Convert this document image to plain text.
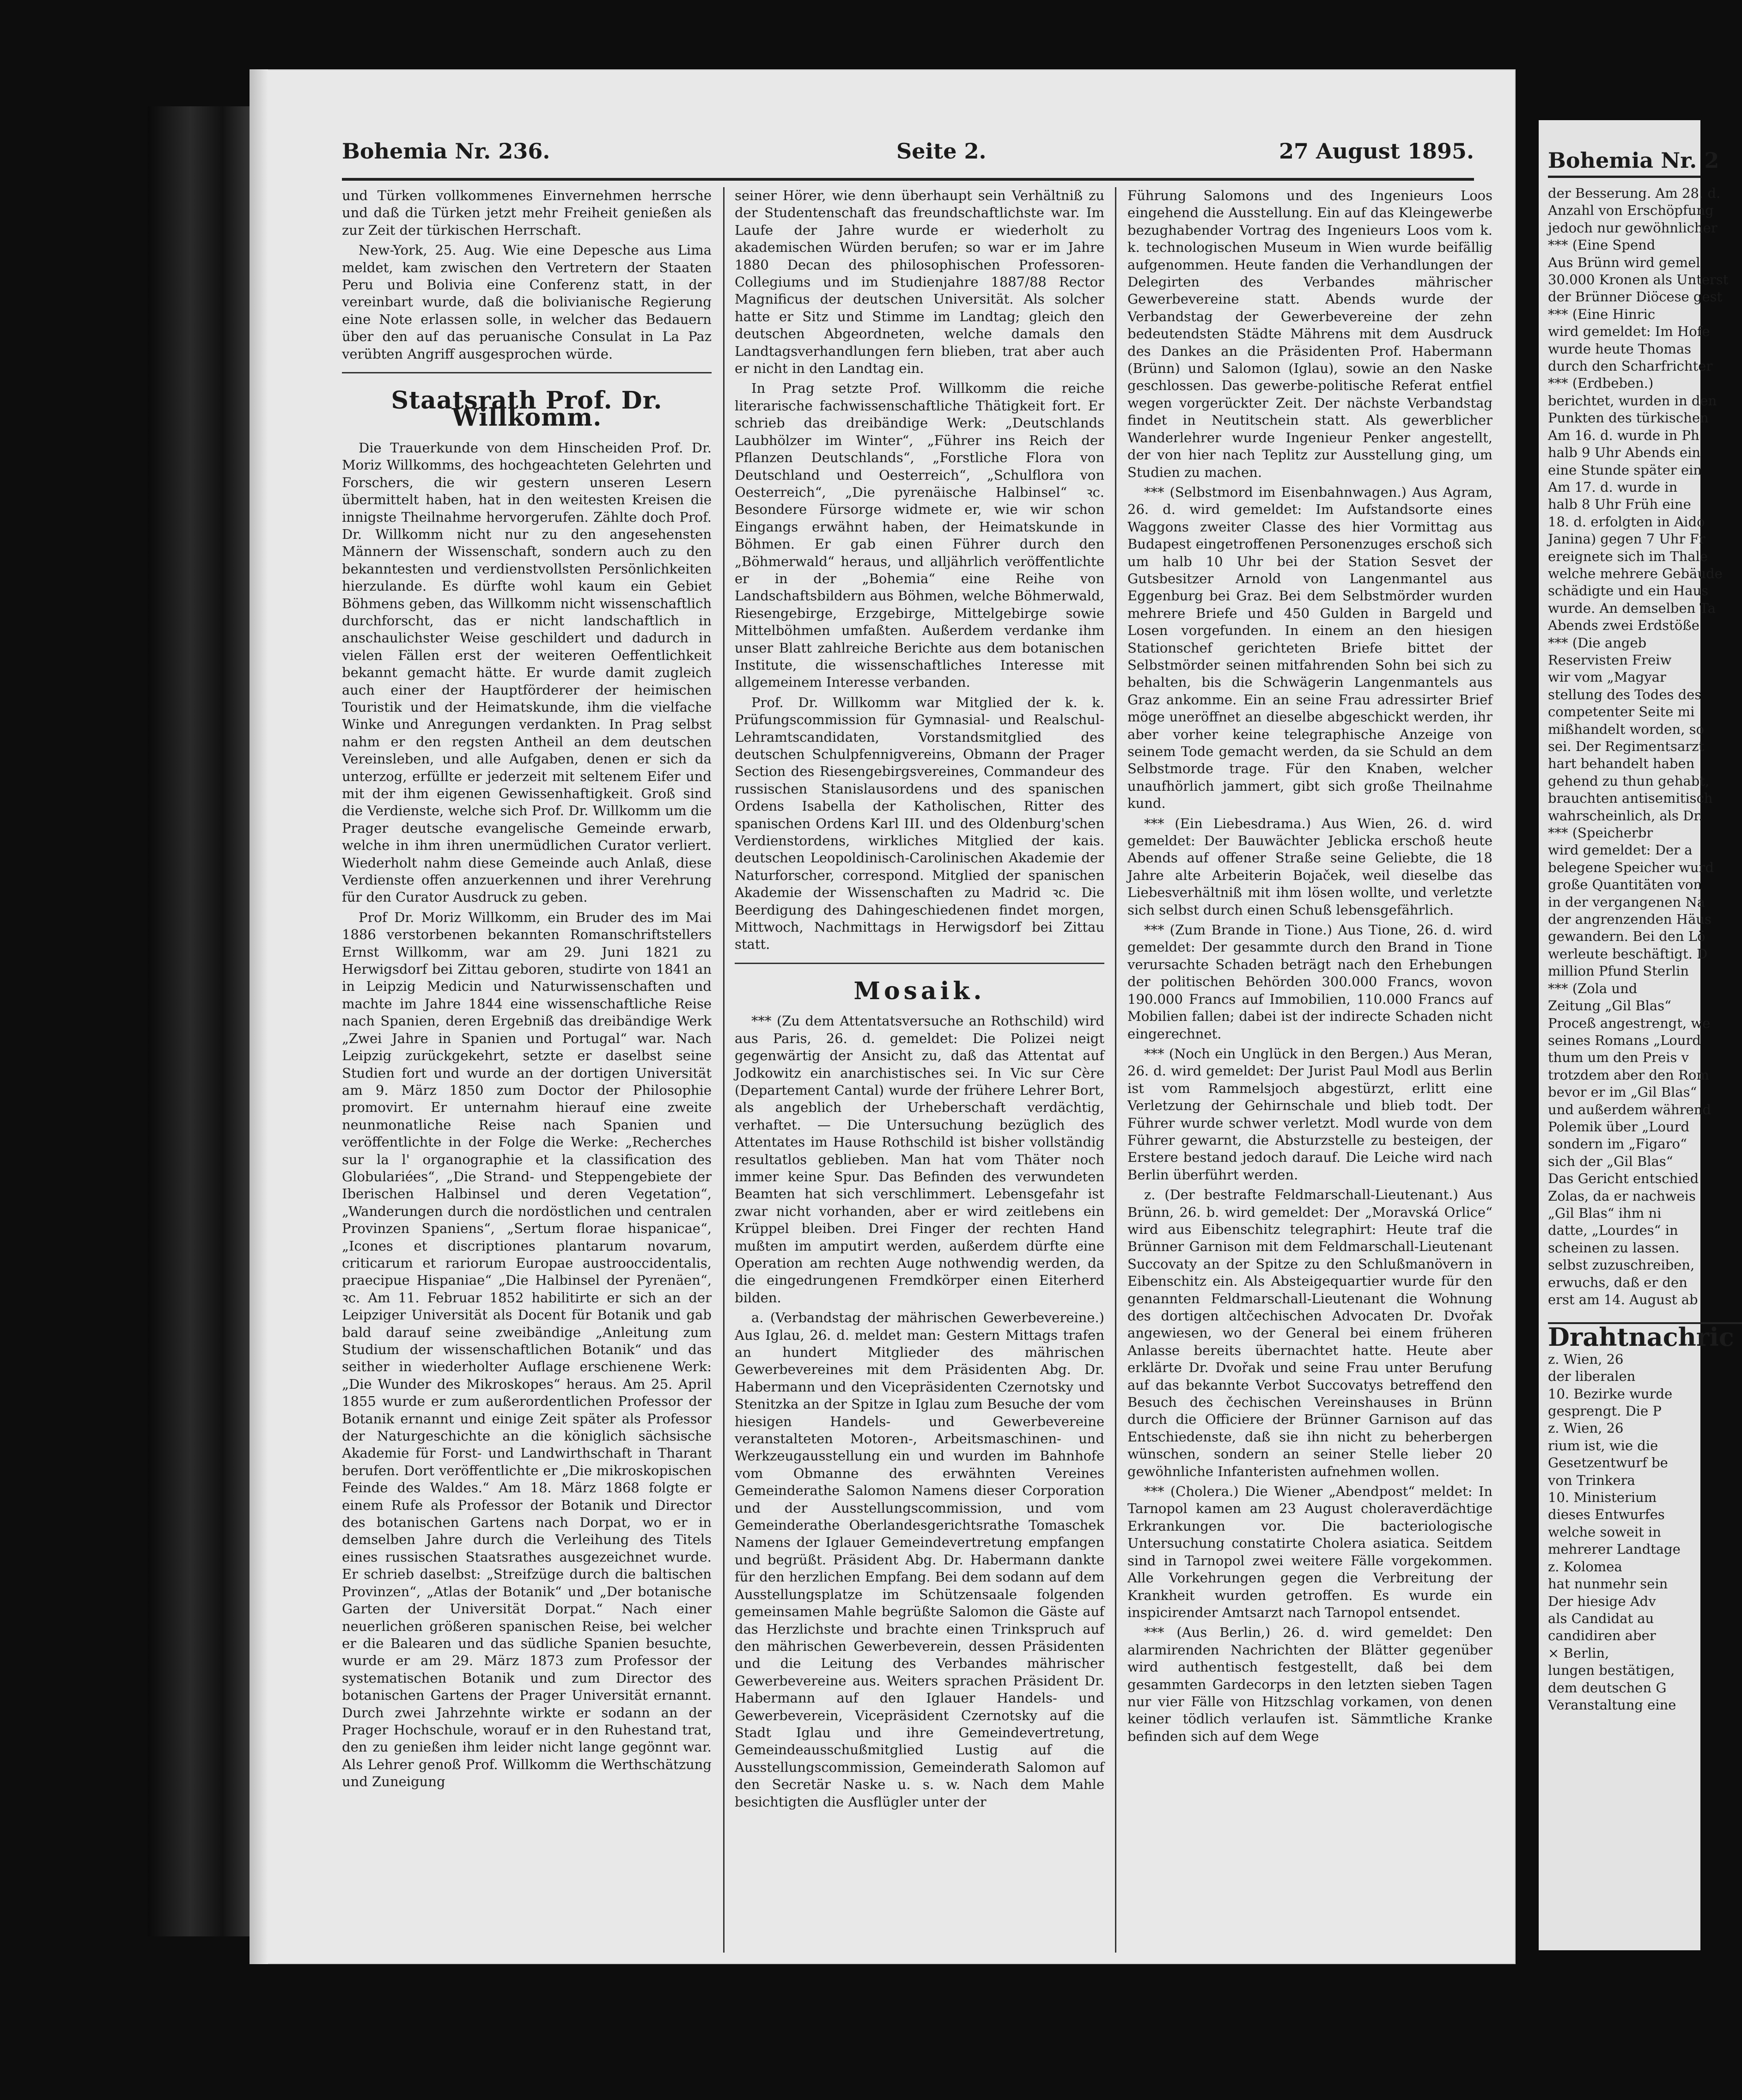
Bohemia Nr. 236.	Seite 2.	27 August 1895.

und Türken vollkommenes Einvernehmen herrsche und daß die Türken jetzt mehr Freiheit genießen als zur Zeit der türkischen Herrschaft.

New-York, 25. Aug. Wie eine Depesche aus Lima meldet, kam zwischen den Vertretern der Staaten Peru und Bolivia eine Conferenz statt, in der vereinbart wurde, daß die bolivianische Regierung eine Note erlassen solle, in welcher das Bedauern über den auf das peruanische Consulat in La Paz verübten Angriff ausgesprochen würde.

Staatsrath Prof. Dr. Willkomm.

Die Trauerkunde von dem Hinscheiden Prof. Dr. Moriz Willkomms, des hochgeachteten Gelehrten und Forschers, die wir gestern unseren Lesern übermittelt haben, hat in den weitesten Kreisen die innigste Theilnahme hervorgerufen. Zählte doch Prof. Dr. Willkomm nicht nur zu den angesehensten Männern der Wissenschaft, sondern auch zu den bekanntesten und verdienstvollsten Persönlichkeiten hierzulande. Es dürfte wohl kaum ein Gebiet Böhmens geben, das Willkomm nicht wissenschaftlich durchforscht, das er nicht landschaftlich in anschaulichster Weise geschildert und dadurch in vielen Fällen erst der weiteren Oeffentlichkeit bekannt gemacht hätte. Er wurde damit zugleich auch einer der Hauptförderer der heimischen Touristik und der Heimatskunde, ihm die vielfache Winke und Anregungen verdankten. In Prag selbst nahm er den regsten Antheil an dem deutschen Vereinsleben, und alle Aufgaben, denen er sich da unterzog, erfüllte er jederzeit mit seltenem Eifer und mit der ihm eigenen Gewissenhaftigkeit. Groß sind die Verdienste, welche sich Prof. Dr. Willkomm um die Prager deutsche evangelische Gemeinde erwarb, welche in ihm ihren unermüdlichen Curator verliert. Wiederholt nahm diese Gemeinde auch Anlaß, diese Verdienste offen anzuerkennen und ihrer Verehrung für den Curator Ausdruck zu geben.

Prof Dr. Moriz Willkomm, ein Bruder des im Mai 1886 verstorbenen bekannten Romanschriftstellers Ernst Willkomm, war am 29. Juni 1821 zu Herwigsdorf bei Zittau geboren, studirte von 1841 an in Leipzig Medicin und Naturwissenschaften und machte im Jahre 1844 eine wissenschaftliche Reise nach Spanien, deren Ergebniß das dreibändige Werk „Zwei Jahre in Spanien und Portugal“ war. Nach Leipzig zurückgekehrt, setzte er daselbst seine Studien fort und wurde an der dortigen Universität am 9. März 1850 zum Doctor der Philosophie promovirt. Er unternahm hierauf eine zweite neunmonatliche Reise nach Spanien und veröffentlichte in der Folge die Werke: „Recherches sur la l' organographie et la classification des Globulariées“, „Die Strand- und Steppengebiete der Iberischen Halbinsel und deren Vegetation“, „Wanderungen durch die nordöstlichen und centralen Provinzen Spaniens“, „Sertum florae hispanicae“, „Icones et discriptiones plantarum novarum, criticarum et rariorum Europae austrooccidentalis, praecipue Hispaniae“ „Die Halbinsel der Pyrenäen“, ꝛc. Am 11. Februar 1852 habilitirte er sich an der Leipziger Universität als Docent für Botanik und gab bald darauf seine zweibändige „Anleitung zum Studium der wissenschaftlichen Botanik“ und das seither in wiederholter Auflage erschienene Werk: „Die Wunder des Mikroskopes“ heraus. Am 25. April 1855 wurde er zum außerordentlichen Professor der Botanik ernannt und einige Zeit später als Professor der Naturgeschichte an die königlich sächsische Akademie für Forst- und Landwirthschaft in Tharant berufen. Dort veröffentlichte er „Die mikroskopischen Feinde des Waldes.“ Am 18. März 1868 folgte er einem Rufe als Professor der Botanik und Director des botanischen Gartens nach Dorpat, wo er in demselben Jahre durch die Verleihung des Titels eines russischen Staatsrathes ausgezeichnet wurde. Er schrieb daselbst: „Streifzüge durch die baltischen Provinzen“, „Atlas der Botanik“ und „Der botanische Garten der Universität Dorpat.“ Nach einer neuerlichen größeren spanischen Reise, bei welcher er die Balearen und das südliche Spanien besuchte, wurde er am 29. März 1873 zum Professor der systematischen Botanik und zum Director des botanischen Gartens der Prager Universität ernannt. Durch zwei Jahrzehnte wirkte er sodann an der Prager Hochschule, worauf er in den Ruhestand trat, den zu genießen ihm leider nicht lange gegönnt war. Als Lehrer genoß Prof. Willkomm die Werthschätzung und Zuneigung

seiner Hörer, wie denn überhaupt sein Verhältniß zu der Studentenschaft das freundschaftlichste war. Im Laufe der Jahre wurde er wiederholt zu akademischen Würden berufen; so war er im Jahre 1880 Decan des philosophischen Professoren-Collegiums und im Studienjahre 1887/88 Rector Magnificus der deutschen Universität. Als solcher hatte er Sitz und Stimme im Landtag; gleich den deutschen Abgeordneten, welche damals den Landtagsverhandlungen fern blieben, trat aber auch er nicht in den Landtag ein.

In Prag setzte Prof. Willkomm die reiche literarische fachwissenschaftliche Thätigkeit fort. Er schrieb das dreibändige Werk: „Deutschlands Laubhölzer im Winter“, „Führer ins Reich der Pflanzen Deutschlands“, „Forstliche Flora von Deutschland und Oesterreich“, „Schulflora von Oesterreich“, „Die pyrenäische Halbinsel“ ꝛc. Besondere Fürsorge widmete er, wie wir schon Eingangs erwähnt haben, der Heimatskunde in Böhmen. Er gab einen Führer durch den „Böhmerwald“ heraus, und alljährlich veröffentlichte er in der „Bohemia“ eine Reihe von Landschaftsbildern aus Böhmen, welche Böhmerwald, Riesengebirge, Erzgebirge, Mittelgebirge sowie Mittelböhmen umfaßten. Außerdem verdanke ihm unser Blatt zahlreiche Berichte aus dem botanischen Institute, die wissenschaftliches Interesse mit allgemeinem Interesse verbanden.

Prof. Dr. Willkomm war Mitglied der k. k. Prüfungscommission für Gymnasial- und Realschul-Lehramtscandidaten, Vorstandsmitglied des deutschen Schulpfennigvereins, Obmann der Prager Section des Riesengebirgsvereines, Commandeur des russischen Stanislausordens und des spanischen Ordens Isabella der Katholischen, Ritter des spanischen Ordens Karl III. und des Oldenburg'schen Verdienstordens, wirkliches Mitglied der kais. deutschen Leopoldinisch-Carolinischen Akademie der Naturforscher, correspond. Mitglied der spanischen Akademie der Wissenschaften zu Madrid ꝛc. Die Beerdigung des Dahingeschiedenen findet morgen, Mittwoch, Nachmittags in Herwigsdorf bei Zittau statt.

Mosaik.

*** (Zu dem Attentatsversuche an Rothschild) wird aus Paris, 26. d. gemeldet: Die Polizei neigt gegenwärtig der Ansicht zu, daß das Attentat auf Jodkowitz ein anarchistisches sei. In Vic sur Cère (Departement Cantal) wurde der frühere Lehrer Bort, als angeblich der Urheberschaft verdächtig, verhaftet. — Die Untersuchung bezüglich des Attentates im Hause Rothschild ist bisher vollständig resultatlos geblieben. Man hat vom Thäter noch immer keine Spur. Das Befinden des verwundeten Beamten hat sich verschlimmert. Lebensgefahr ist zwar nicht vorhanden, aber er wird zeitlebens ein Krüppel bleiben. Drei Finger der rechten Hand mußten im amputirt werden, außerdem dürfte eine Operation am rechten Auge nothwendig werden, da die eingedrungenen Fremdkörper einen Eiterherd bilden.

a. (Verbandstag der mährischen Gewerbevereine.) Aus Iglau, 26. d. meldet man: Gestern Mittags trafen an hundert Mitglieder des mährischen Gewerbevereines mit dem Präsidenten Abg. Dr. Habermann und den Vicepräsidenten Czernotsky und Stenitzka an der Spitze in Iglau zum Besuche der vom hiesigen Handels- und Gewerbevereine veranstalteten Motoren-, Arbeitsmaschinen- und Werkzeugausstellung ein und wurden im Bahnhofe vom Obmanne des erwähnten Vereines Gemeinderathe Salomon Namens dieser Corporation und der Ausstellungscommission, und vom Gemeinderathe Oberlandesgerichtsrathe Tomaschek Namens der Iglauer Gemeindevertretung empfangen und begrüßt. Präsident Abg. Dr. Habermann dankte für den herzlichen Empfang. Bei dem sodann auf dem Ausstellungsplatze im Schützensaale folgenden gemeinsamen Mahle begrüßte Salomon die Gäste auf das Herzlichste und brachte einen Trinkspruch auf den mährischen Gewerbeverein, dessen Präsidenten und die Leitung des Verbandes mährischer Gewerbevereine aus. Weiters sprachen Präsident Dr. Habermann auf den Iglauer Handels- und Gewerbeverein, Vicepräsident Czernotsky auf die Stadt Iglau und ihre Gemeindevertretung, Gemeindeausschußmitglied Lustig auf die Ausstellungscommission, Gemeinderath Salomon auf den Secretär Naske u. s. w. Nach dem Mahle besichtigten die Ausflügler unter der

Führung Salomons und des Ingenieurs Loos eingehend die Ausstellung. Ein auf das Kleingewerbe bezughabender Vortrag des Ingenieurs Loos vom k. k. technologischen Museum in Wien wurde beifällig aufgenommen. Heute fanden die Verhandlungen der Delegirten des Verbandes mährischer Gewerbevereine statt. Abends wurde der Verbandstag der Gewerbevereine der zehn bedeutendsten Städte Mährens mit dem Ausdruck des Dankes an die Präsidenten Prof. Habermann (Brünn) und Salomon (Iglau), sowie an den Naske geschlossen. Das gewerbe-politische Referat entfiel wegen vorgerückter Zeit. Der nächste Verbandstag findet in Neutitschein statt. Als gewerblicher Wanderlehrer wurde Ingenieur Penker angestellt, der von hier nach Teplitz zur Ausstellung ging, um Studien zu machen.

*** (Selbstmord im Eisenbahnwagen.) Aus Agram, 26. d. wird gemeldet: Im Aufstandsorte eines Waggons zweiter Classe des hier Vormittag aus Budapest eingetroffenen Personenzuges erschoß sich um halb 10 Uhr bei der Station Sesvet der Gutsbesitzer Arnold von Langenmantel aus Eggenburg bei Graz. Bei dem Selbstmörder wurden mehrere Briefe und 450 Gulden in Bargeld und Losen vorgefunden. In einem an den hiesigen Stationschef gerichteten Briefe bittet der Selbstmörder seinen mitfahrenden Sohn bei sich zu behalten, bis die Schwägerin Langenmantels aus Graz ankomme. Ein an seine Frau adressirter Brief möge uneröffnet an dieselbe abgeschickt werden, ihr aber vorher keine telegraphische Anzeige von seinem Tode gemacht werden, da sie Schuld an dem Selbstmorde trage. Für den Knaben, welcher unaufhörlich jammert, gibt sich große Theilnahme kund.

*** (Ein Liebesdrama.) Aus Wien, 26. d. wird gemeldet: Der Bauwächter Jeblicka erschoß heute Abends auf offener Straße seine Geliebte, die 18 Jahre alte Arbeiterin Bojaček, weil dieselbe das Liebesverhältniß mit ihm lösen wollte, und verletzte sich selbst durch einen Schuß lebensgefährlich.

*** (Zum Brande in Tione.) Aus Tione, 26. d. wird gemeldet: Der gesammte durch den Brand in Tione verursachte Schaden beträgt nach den Erhebungen der politischen Behörden 300.000 Francs, wovon 190.000 Francs auf Immobilien, 110.000 Francs auf Mobilien fallen; dabei ist der indirecte Schaden nicht eingerechnet.

*** (Noch ein Unglück in den Bergen.) Aus Meran, 26. d. wird gemeldet: Der Jurist Paul Modl aus Berlin ist vom Rammelsjoch abgestürzt, erlitt eine Verletzung der Gehirnschale und blieb todt. Der Führer wurde schwer verletzt. Modl wurde von dem Führer gewarnt, die Absturzstelle zu besteigen, der Erstere bestand jedoch darauf. Die Leiche wird nach Berlin überführt werden.

z. (Der bestrafte Feldmarschall-Lieutenant.) Aus Brünn, 26. b. wird gemeldet: Der „Moravská Orlice“ wird aus Eibenschitz telegraphirt: Heute traf die Brünner Garnison mit dem Feldmarschall-Lieutenant Succovaty an der Spitze zu den Schlußmanövern in Eibenschitz ein. Als Absteigequartier wurde für den genannten Feldmarschall-Lieutenant die Wohnung des dortigen altčechischen Advocaten Dr. Dvořak angewiesen, wo der General bei einem früheren Anlasse bereits übernachtet hatte. Heute aber erklärte Dr. Dvořak und seine Frau unter Berufung auf das bekannte Verbot Succovatys betreffend den Besuch des čechischen Vereinshauses in Brünn durch die Officiere der Brünner Garnison auf das Entschiedenste, daß sie ihn nicht zu beherbergen wünschen, sondern an seiner Stelle lieber 20 gewöhnliche Infanteristen aufnehmen wollen.

*** (Cholera.) Die Wiener „Abendpost“ meldet: In Tarnopol kamen am 23 August choleraverdächtige Erkrankungen vor. Die bacteriologische Untersuchung constatirte Cholera asiatica. Seitdem sind in Tarnopol zwei weitere Fälle vorgekommen. Alle Vorkehrungen gegen die Verbreitung der Krankheit wurden getroffen. Es wurde ein inspicirender Amtsarzt nach Tarnopol entsendet.

*** (Aus Berlin,) 26. d. wird gemeldet: Den alarmirenden Nachrichten der Blätter gegenüber wird authentisch festgestellt, daß bei dem gesammten Gardecorps in den letzten sieben Tagen nur vier Fälle von Hitzschlag vorkamen, von denen keiner tödlich verlaufen ist. Sämmtliche Kranke befinden sich auf dem Wege

Bohemia Nr. 2

der Besserung. Am 28. d.

Anzahl von Erschöpfung

jedoch nur gewöhnlicher

*** (Eine Spend

Aus Brünn wird gemel

30.000 Kronen als Unterst

der Brünner Diöcese gest

*** (Eine Hinric

wird gemeldet: Im Hofe

wurde heute Thomas

durch den Scharfrichter

*** (Erdbeben.)

berichtet, wurden in den

Punkten des türkischen

Am 16. d. wurde in Ph

halb 9 Uhr Abends ein

eine Stunde später ein

Am 17. d. wurde in

halb 8 Uhr Früh eine

18. d. erfolgten in Aido

Janina) gegen 7 Uhr Fr

ereignete sich im Thale

welche mehrere Gebäude

schädigte und ein Haus

wurde. An demselben Ta

Abends zwei Erdstöße

*** (Die angeb

Reservisten Freiw

wir vom „Magyar

stellung des Todes des

competenter Seite mi

mißhandelt worden, so

sei. Der Regimentsarzt

hart behandelt haben

gehend zu thun gehabt,

brauchten antisemitisch

wahrscheinlich, als Dr.

*** (Speicherbr

wird gemeldet: Der a

belegene Speicher wurd

große Quantitäten von

in der vergangenen Na

der angrenzenden Häus

gewandern. Bei den Lö

werleute beschäftigt. D

million Pfund Sterlin

*** (Zola und

Zeitung „Gil Blas“

Proceß angestrengt, we

seines Romans „Lourd

thum um den Preis v

trotzdem aber den Rom

bevor er im „Gil Blas“

und außerdem während

Polemik über „Lourd

sondern im „Figaro“

sich der „Gil Blas“

Das Gericht entschied

Zolas, da er nachweis

„Gil Blas“ ihm ni

datte, „Lourdes“ in

scheinen zu lassen.

selbst zuzuschreiben,

erwuchs, daß er den

erst am 14. August ab

Drahtnachric

z. Wien, 26

der liberalen

10. Bezirke wurde

gesprengt. Die P

z. Wien, 26

rium ist, wie die

Gesetzentwurf be

von Trinkera

10. Ministerium

dieses Entwurfes

welche soweit in

mehrerer Landtage

z. Kolomea

hat nunmehr sein

Der hiesige Adv

als Candidat au

candidiren aber

× Berlin,

lungen bestätigen,

dem deutschen G

Veranstaltung eine
